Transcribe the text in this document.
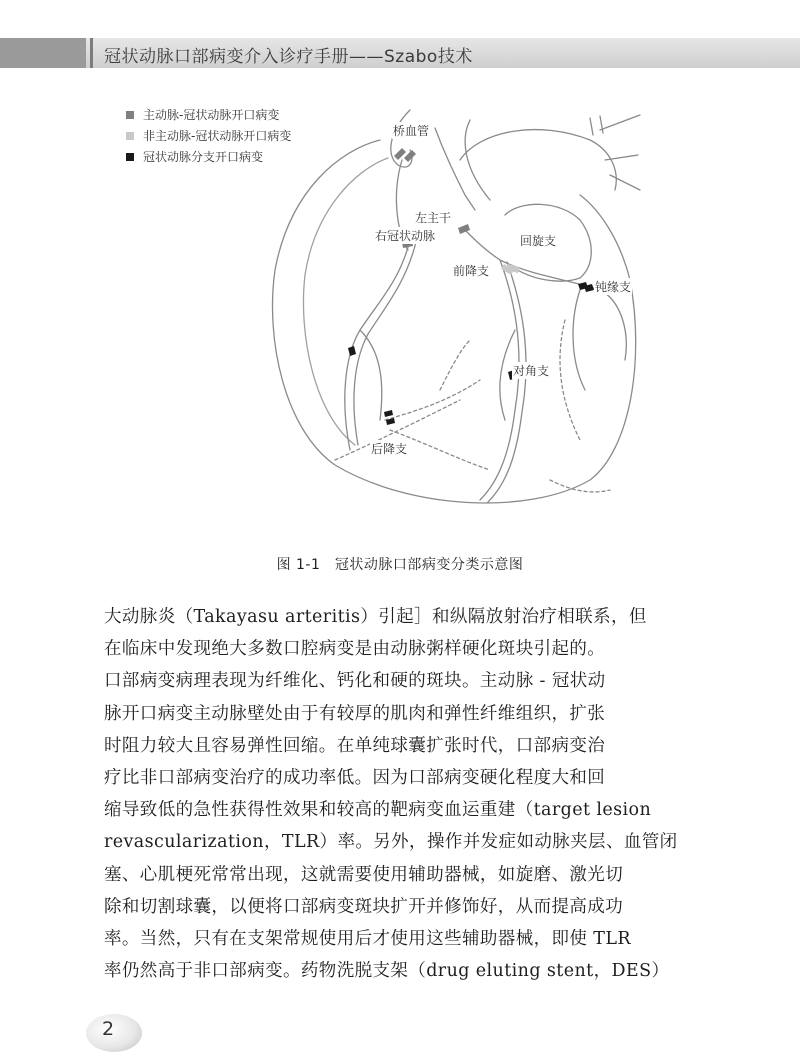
冠状动脉口部病变介入诊疗手册——Szabo技术
主动脉-冠状动脉开口病变
非主动脉-冠状动脉开口病变
冠状动脉分支开口病变
桥血管
左主干
右冠状动脉	回旋支
前降支
钝缘支
对角支
后降支
图 1-1　冠状动脉口部病变分类示意图

大动脉炎（Takayasu arteritis）引起］和纵隔放射治疗相联系，但

在临床中发现绝大多数口腔病变是由动脉粥样硬化斑块引起的。

口部病变病理表现为纤维化、钙化和硬的斑块。主动脉 - 冠状动

脉开口病变主动脉壁处由于有较厚的肌肉和弹性纤维组织，扩张

时阻力较大且容易弹性回缩。在单纯球囊扩张时代，口部病变治

疗比非口部病变治疗的成功率低。因为口部病变硬化程度大和回

缩导致低的急性获得性效果和较高的靶病变血运重建（target lesion

revascularization，TLR）率。另外，操作并发症如动脉夹层、血管闭

塞、心肌梗死常常出现，这就需要使用辅助器械，如旋磨、激光切

除和切割球囊，以便将口部病变斑块扩开并修饰好，从而提高成功

率。当然，只有在支架常规使用后才使用这些辅助器械，即使 TLR

率仍然高于非口部病变。药物洗脱支架（drug eluting stent，DES）

2
